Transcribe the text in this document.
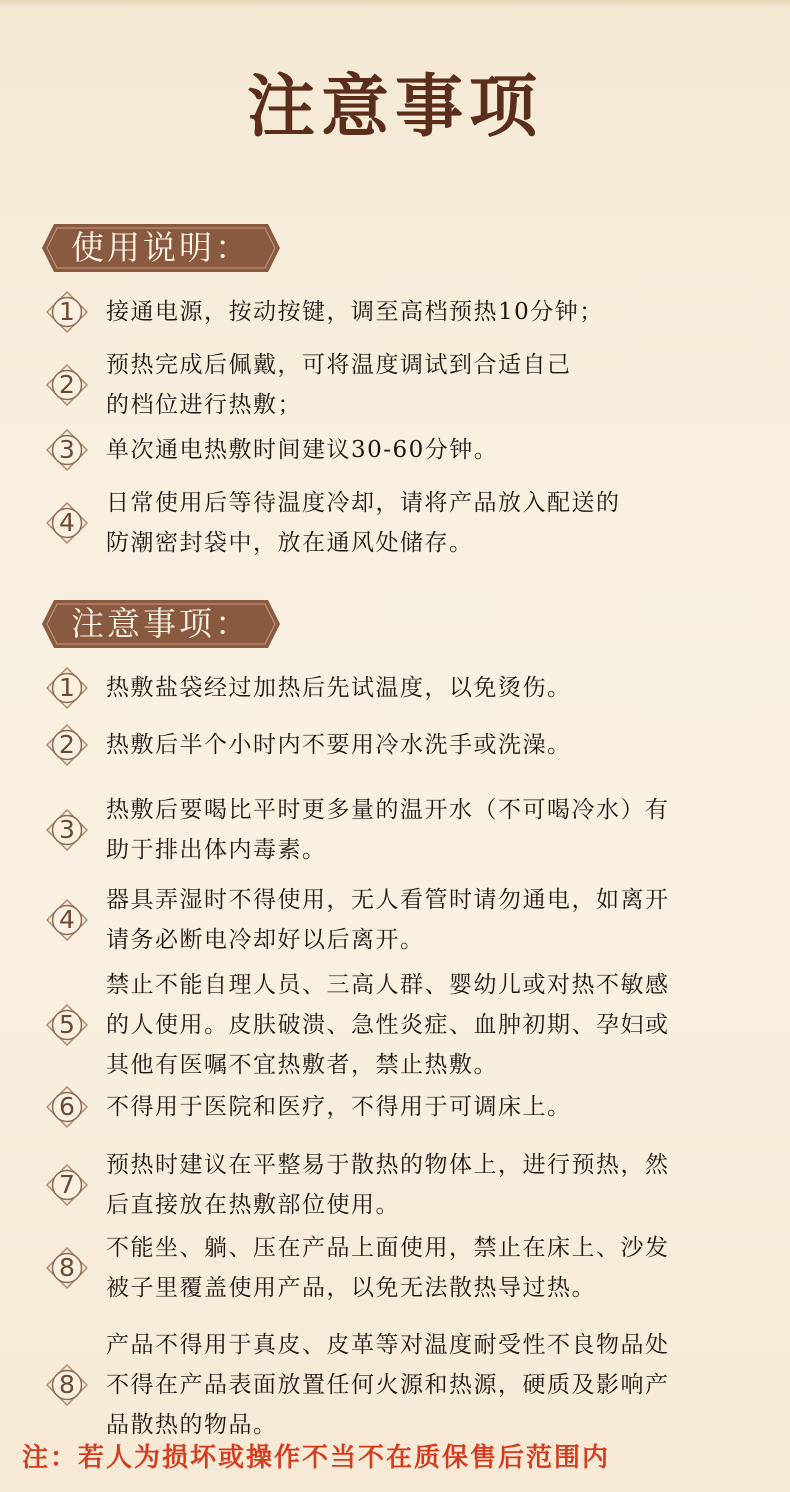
注意事项
使用说明：
1	接通电源，按动按键，调至高档预热10分钟；
2
预热完成后佩戴，可将温度调试到合适自己
的档位进行热敷；
3	单次通电热敷时间建议30-60分钟。
4
日常使用后等待温度冷却，请将产品放入配送的
防潮密封袋中，放在通风处储存。
注意事项：
1	热敷盐袋经过加热后先试温度，以免烫伤。
2	热敷后半个小时内不要用冷水洗手或洗澡。
3
热敷后要喝比平时更多量的温开水（不可喝冷水）有
助于排出体内毒素。
4
器具弄湿时不得使用，无人看管时请勿通电，如离开
请务必断电冷却好以后离开。
5
禁止不能自理人员、三高人群、婴幼儿或对热不敏感
的人使用。皮肤破溃、急性炎症、血肿初期、孕妇或
其他有医嘱不宜热敷者，禁止热敷。
6	不得用于医院和医疗，不得用于可调床上。
7
预热时建议在平整易于散热的物体上，进行预热，然
后直接放在热敷部位使用。
8
不能坐、躺、压在产品上面使用，禁止在床上、沙发
被子里覆盖使用产品，以免无法散热导过热。
8
产品不得用于真皮、皮革等对温度耐受性不良物品处
不得在产品表面放置任何火源和热源，硬质及影响产
品散热的物品。
注：若人为损坏或操作不当不在质保售后范围内
